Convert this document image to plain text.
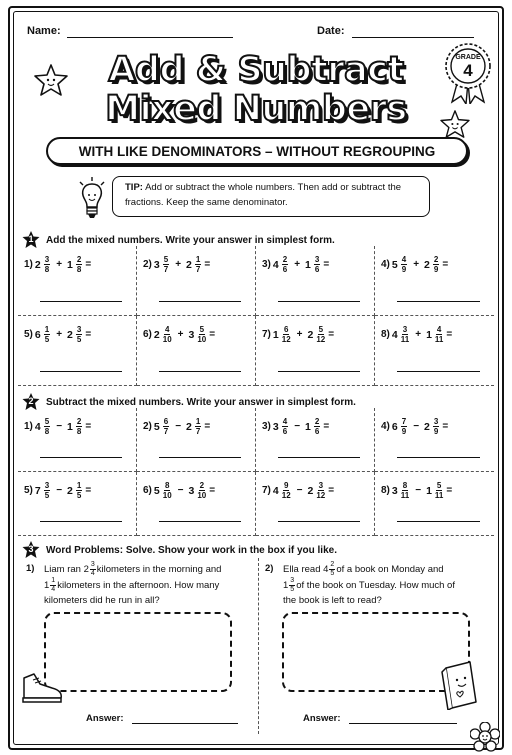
Name:	Date:
Add & Subtract
Mixed Numbers
GRADE
4
WITH LIKE DENOMINATORS – WITHOUT REGROUPING
TIP: Add or subtract the whole numbers. Then add or subtract the fractions. Keep the same denominator.
1	Add the mixed numbers. Write your answer in simplest form.
1) $2 \frac{3}{8} + 1 \frac{2}{8}$ =	2) $3 \frac{5}{7} + 2 \frac{1}{7}$ =	3) $4 \frac{2}{6} + 1 \frac{3}{6}$ =	4) $5 \frac{4}{9} + 2 \frac{2}{9}$ =
5) $6 \frac{1}{5} + 2 \frac{3}{5}$ =	6) $2 \frac{4}{10} + 3 \frac{5}{10}$ =	7) $1 \frac{6}{12} + 2 \frac{5}{12}$ =	8) $4 \frac{3}{11} + 1 \frac{4}{11}$ =
2	Subtract the mixed numbers. Write your answer in simplest form.
1) $4 \frac{5}{8} - 1 \frac{2}{8}$ =	2) $5 \frac{6}{7} - 2 \frac{1}{7}$ =	3) $3 \frac{4}{6} - 1 \frac{2}{6}$ =	4) $6 \frac{7}{9} - 2 \frac{3}{9}$ =
5) $7 \frac{3}{5} - 2 \frac{1}{5}$ =	6) $5 \frac{8}{10} - 3 \frac{2}{10}$ =	7) $4 \frac{9}{12} - 2 \frac{3}{12}$ =	8) $3 \frac{8}{11} - 1 \frac{5}{11}$ =
3	Word Problems: Solve. Show your work in the box if you like.
1) Liam ran $2 \frac{3}{4}$ kilometers in the morning and
$1 \frac{1}{4}$ kilometers in the afternoon. How many
kilometers did he run in all?
2) Ella read $4 \frac{2}{5}$ of a book on Monday and
$1 \frac{3}{5}$ of the book on Tuesday. How much of
the book is left to read?
Answer:	Answer:
